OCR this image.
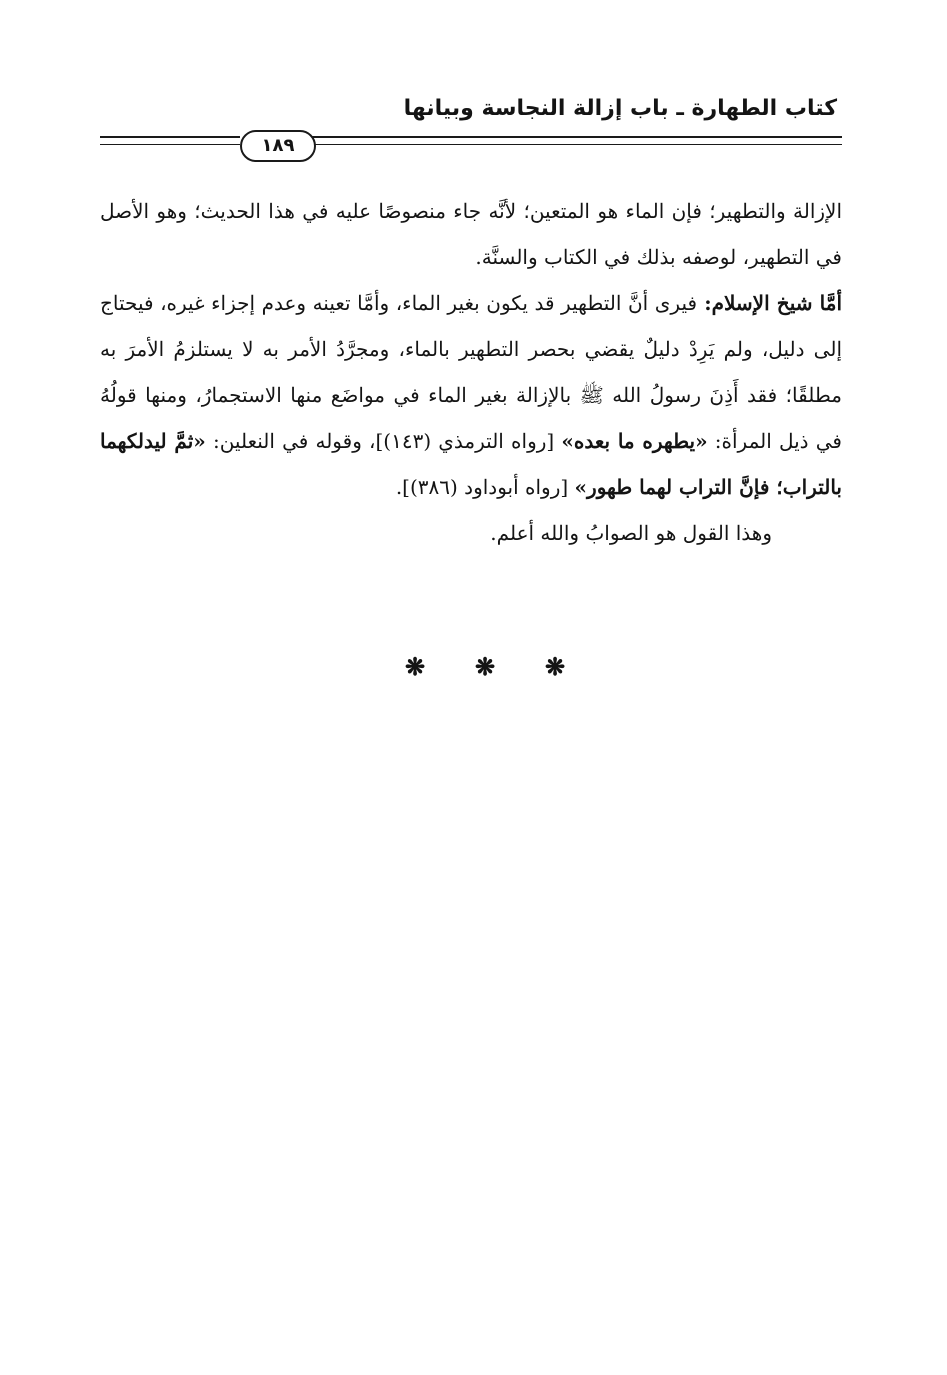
كتاب الطهارة ـ باب إزالة النجاسة وبيانها
١٨٩

الإزالة والتطهير؛ فإن الماء هو المتعين؛ لأنَّه جاء منصوصًا عليه في هذا الحديث؛ وهو الأصل في التطهير، لوصفه بذلك في الكتاب والسنَّة.

أمَّا شيخ الإسلام: فيرى أنَّ التطهير قد يكون بغير الماء، وأمَّا تعينه وعدم إجزاء غيره، فيحتاج إلى دليل، ولم يَرِدْ دليلٌ يقضي بحصر التطهير بالماء، ومجرَّدُ الأمر به لا يستلزمُ الأمرَ به مطلقًا؛ فقد أَذِنَ رسولُ الله ﷺ بالإزالة بغير الماء في مواضَع منها الاستجمارُ، ومنها قولُهُ في ذيل المرأة: «يطهره ما بعده» [رواه الترمذي (١٤٣)]، وقوله في النعلين: «ثمَّ ليدلكهما بالتراب؛ فإنَّ التراب لهما طهور» [رواه أبوداود (٣٨٦)].

وهذا القول هو الصوابُ والله أعلم.

❋
❋
❋
